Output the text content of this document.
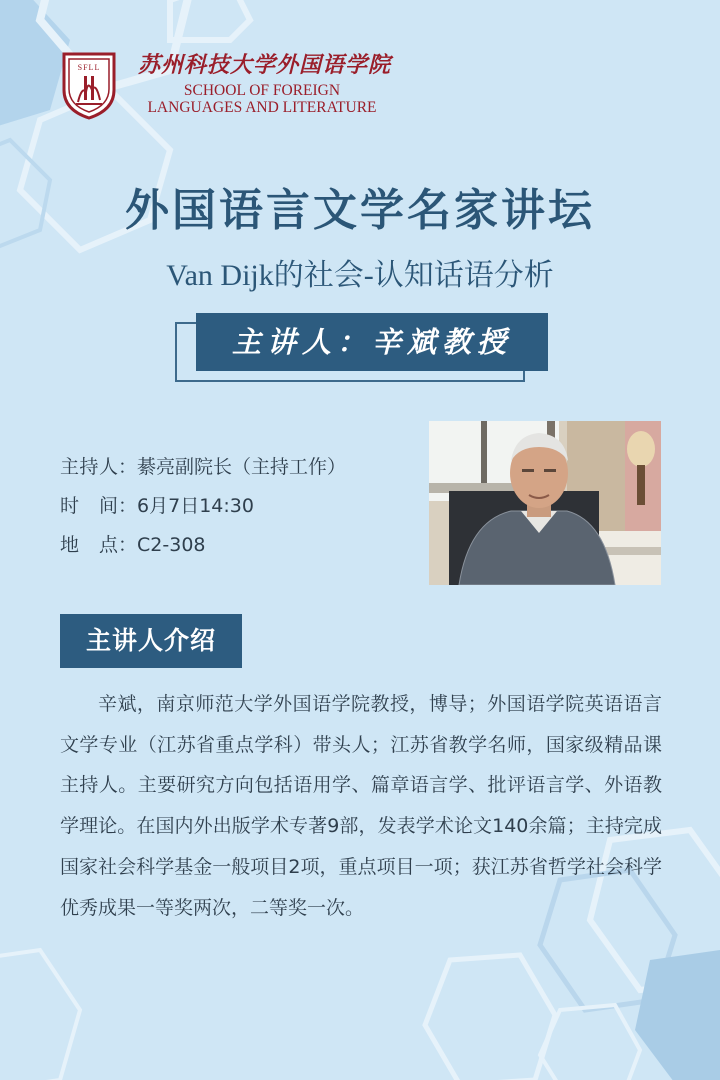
SFLL 苏州科技大学外国语学院
SCHOOL OF FOREIGN
LANGUAGES AND LITERATURE
外国语言文学名家讲坛
Van Dijk的社会-认知话语分析
主讲人：辛斌教授
主持人：綦亮副院长（主持工作）
时间：6月7日14:30
地点：C2-308
主讲人介绍

辛斌，南京师范大学外国语学院教授，博导；外国语学院英语语言文学专业（江苏省重点学科）带头人；江苏省教学名师，国家级精品课主持人。主要研究方向包括语用学、篇章语言学、批评语言学、外语教学理论。在国内外出版学术专著9部，发表学术论文140余篇；主持完成国家社会科学基金一般项目2项，重点项目一项；获江苏省哲学社会科学优秀成果一等奖两次，二等奖一次。
